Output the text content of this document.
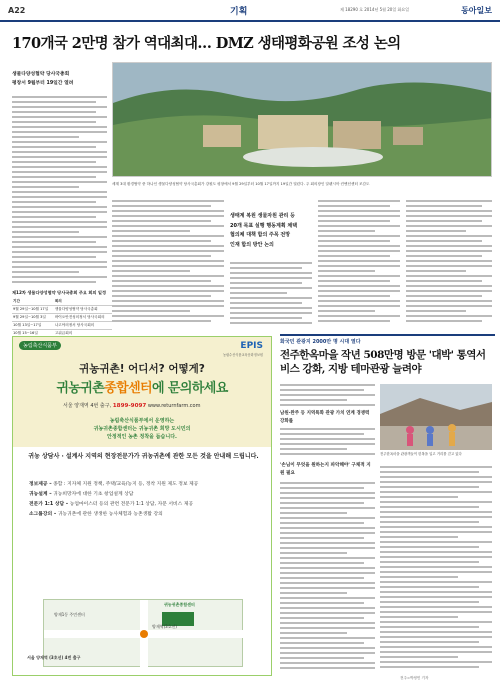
A22	기획	제 18290 호 2014년 5월 20일 화요일	동아일보
170개국 2만명 참가 역대최대… DMZ 생태평화공원 조성 논의
생물다양성협약 당사국총회
평창서 9월부터 19일간 열려
세계 3대 환경협약 중 하나인 생물다양성협약 당사국총회가 강원도 평창에서 9월 29일부터 10월 17일까지 19일간 열린다. 주 회의장인 알펜시아 컨벤션센터 조감도
생태계 복원 생물자원 관리 등
20개 목표 실행 행동계획 채택
협의체 대책 합의 주목 전망
인재 합의 방안 논의
제12차 생물다양성협약 당사국총회 주요 회의 일정
기간	회의
9월 29일~10월 17일	생물다양성협약 당사국총회
9월 29일~10월 3일	바이오안전성의정서 당사국회의
10월 13일~17일	나고야의정서 당사국회의
10월 15~16일	고위급회의
농림축산식품부	EPIS
농림수산식품교육문화정보원
귀농귀촌! 어디서? 어떻게?
귀농귀촌종합센터에 문의하세요
서울 양재역 4번 출구, 1899-9097 www.returnfarm.com
농림축산식품부에서 운영하는
귀농귀촌종합센터는 귀농귀촌 희망 도시민의
안정적인 농촌 정착을 돕습니다.
귀농 상담사 · 설계사 지역의 현장전문가가 귀농귀촌에 관한 모든 것을 안내해 드립니다.
정보제공 – 종합 : 지자체 지원 정책, 주택/교육/농지 등, 정착 지원 제도 정보 제공
귀농설계 – 귀농희망자에 대한 기초 창업설계 상담
전문가 1:1 상담 – 농업마이스터 등의 관련 전문가 1:1 상담, 자문 서비스 제공
소그룹강의 – 귀농귀촌에 관한 생생한 농사체험과 농촌생활 강의
양재역(3호선)
양재1동 주민센터
귀농귀촌종합센터
서울 양재역 (3호선) 4번 출구
화국민 관광지 2000만 명 시대 열다
전주한옥마을 작년 508만명 방문 '대박' 통역서비스 강화, 지방 테마관광 늘려야
전주한옥마을 관광객들이 한복을 입고 거리를 걷고 있다
남원·완주 등 지역특화 관광 가치 연계 경쟁력 강화를
'손님이 무엇을 원하는지 파악해야' 구체적 지원 필요
전주=박정민 기자
